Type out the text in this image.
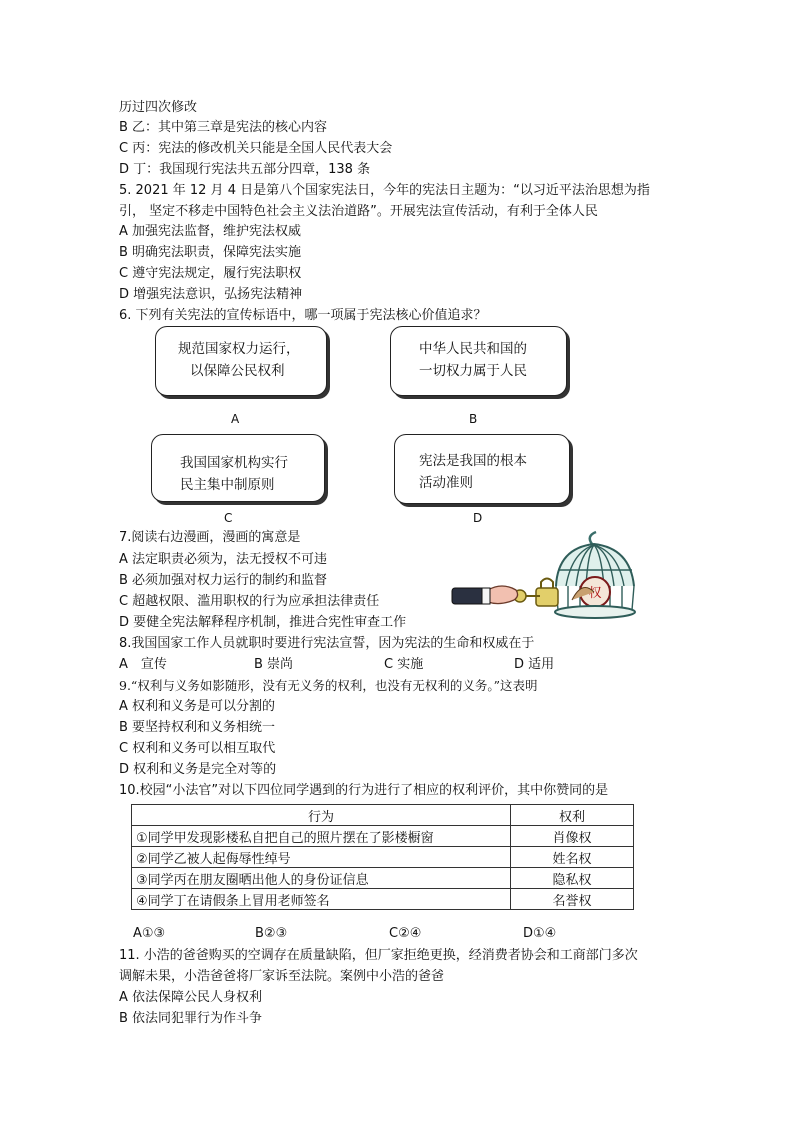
历过四次修改
B 乙：其中第三章是宪法的核心内容
C 丙：宪法的修改机关只能是全国人民代表大会
D 丁：我国现行宪法共五部分四章，138 条
5. 2021 年 12 月 4 日是第八个国家宪法日，今年的宪法日主题为：“以习近平法治思想为指
引， 坚定不移走中国特色社会主义法治道路”。开展宪法宣传活动，有利于全体人民
A 加强宪法监督，维护宪法权威
B 明确宪法职责，保障宪法实施
C 遵守宪法规定，履行宪法职权
D 增强宪法意识，弘扬宪法精神
6. 下列有关宪法的宣传标语中，哪一项属于宪法核心价值追求？
规范国家权力运行，
以保障公民权利
A
中华人民共和国的
一切权力属于人民
B
我国国家机构实行
民主集中制原则
C
宪法是我国的根本
活动准则
D
7.阅读右边漫画，漫画的寓意是
A 法定职责必须为，法无授权不可违
B 必须加强对权力运行的制约和监督
C 超越权限、滥用职权的行为应承担法律责任
D 要健全宪法解释程序机制，推进合宪性审查工作
权
8.我国国家工作人员就职时要进行宪法宣誓，因为宪法的生命和权威在于
A　宣传	B 崇尚	C 实施	D 适用
9.“权利与义务如影随形，没有无义务的权利，也没有无权利的义务。”这表明
A 权利和义务是可以分割的
B 要坚持权利和义务相统一
C 权利和义务可以相互取代
D 权利和义务是完全对等的
10.校园“小法官”对以下四位同学遇到的行为进行了相应的权利评价，其中你赞同的是
行为	权利
①同学甲发现影楼私自把自己的照片摆在了影楼橱窗	肖像权
②同学乙被人起侮辱性绰号	姓名权
③同学丙在朋友圈晒出他人的身份证信息	隐私权
④同学丁在请假条上冒用老师签名	名誉权
A①③	B②③	C②④	D①④
11. 小浩的爸爸购买的空调存在质量缺陷，但厂家拒绝更换，经消费者协会和工商部门多次
调解未果，小浩爸爸将厂家诉至法院。案例中小浩的爸爸
A 依法保障公民人身权利
B 依法同犯罪行为作斗争
